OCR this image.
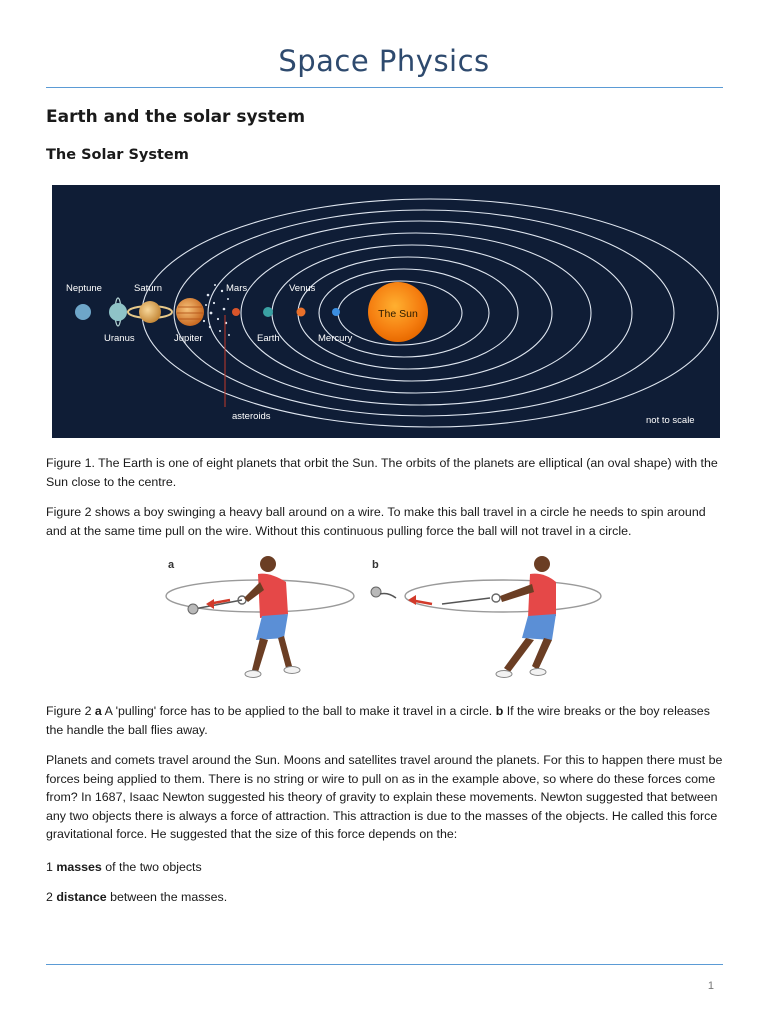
Space Physics
Earth and the solar system
The Solar System
The Sun
Neptune	Saturn	Mars	Venus
Uranus	Jupiter	Earth	Mercury
asteroids	not to scale

Figure 1. The Earth is one of eight planets that orbit the Sun. The orbits of the planets are elliptical (an oval shape) with the Sun close to the centre.

Figure 2 shows a boy swinging a heavy ball around on a wire. To make this ball travel in a circle he needs to spin around and at the same time pull on the wire. Without this continuous pulling force the ball will not travel in a circle.

a	b

Figure 2 a A 'pulling' force has to be applied to the ball to make it travel in a circle. b If the wire breaks or the boy releases the handle the ball flies away.

Planets and comets travel around the Sun. Moons and satellites travel around the planets. For this to happen there must be forces being applied to them. There is no string or wire to pull on as in the example above, so where do these forces come from? In 1687, Isaac Newton suggested his theory of gravity to explain these movements. Newton suggested that between any two objects there is always a force of attraction. This attraction is due to the masses of the objects. He called this force gravitational force. He suggested that the size of this force depends on the:

1 masses of the two objects

2 distance between the masses.

1
